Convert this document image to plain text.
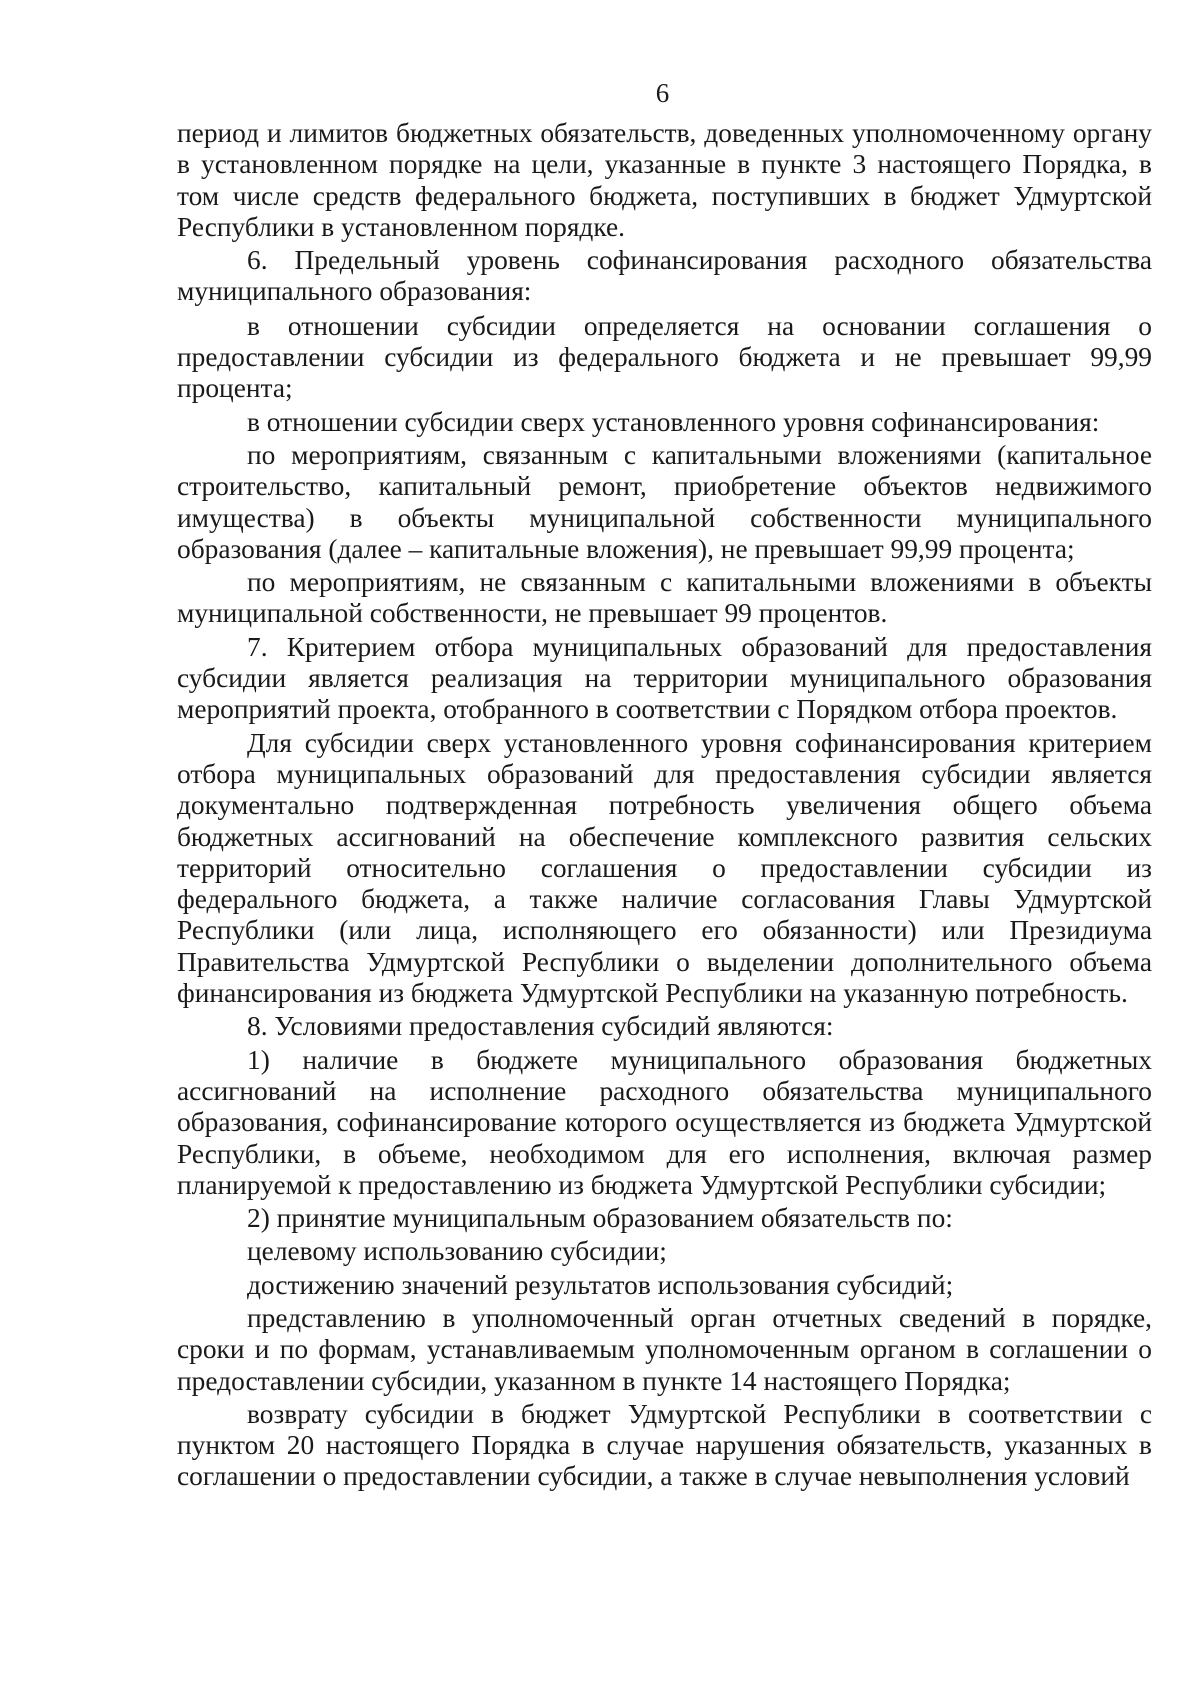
6

период и лимитов бюджетных обязательств, доведенных уполномоченному органу в установленном порядке на цели, указанные в пункте 3 настоящего Порядка, в том числе средств федерального бюджета, поступивших в бюджет Удмуртской Республики в установленном порядке.

6. Предельный уровень софинансирования расходного обязательства муниципального образования:

в отношении субсидии определяется на основании соглашения о предоставлении субсидии из федерального бюджета и не превышает 99,99 процента;

в отношении субсидии сверх установленного уровня софинансирования:

по мероприятиям, связанным с капитальными вложениями (капитальное строительство, капитальный ремонт, приобретение объектов недвижимого имущества) в объекты муниципальной собственности муниципального образования (далее – капитальные вложения), не превышает 99,99 процента;

по мероприятиям, не связанным с капитальными вложениями в объекты муниципальной собственности, не превышает 99 процентов.

7. Критерием отбора муниципальных образований для предоставления субсидии является реализация на территории муниципального образования мероприятий проекта, отобранного в соответствии с Порядком отбора проектов.

Для субсидии сверх установленного уровня софинансирования критерием отбора муниципальных образований для предоставления субсидии является документально подтвержденная потребность увеличения общего объема бюджетных ассигнований на обеспечение комплексного развития сельских территорий относительно соглашения о предоставлении субсидии из федерального бюджета, а также наличие согласования Главы Удмуртской Республики (или лица, исполняющего его обязанности) или Президиума Правительства Удмуртской Республики о выделении дополнительного объема финансирования из бюджета Удмуртской Республики на указанную потребность.

8. Условиями предоставления субсидий являются:

1) наличие в бюджете муниципального образования бюджетных ассигнований на исполнение расходного обязательства муниципального образования, софинансирование которого осуществляется из бюджета Удмуртской Республики, в объеме, необходимом для его исполнения, включая размер планируемой к предоставлению из бюджета Удмуртской Республики субсидии;

2) принятие муниципальным образованием обязательств по:

целевому использованию субсидии;

достижению значений результатов использования субсидий;

представлению в уполномоченный орган отчетных сведений в порядке, сроки и по формам, устанавливаемым уполномоченным органом в соглашении о предоставлении субсидии, указанном в пункте 14 настоящего Порядка;

возврату субсидии в бюджет Удмуртской Республики в соответствии с пунктом 20 настоящего Порядка в случае нарушения обязательств, указанных в соглашении о предоставлении субсидии, а также в случае невыполнения условий
